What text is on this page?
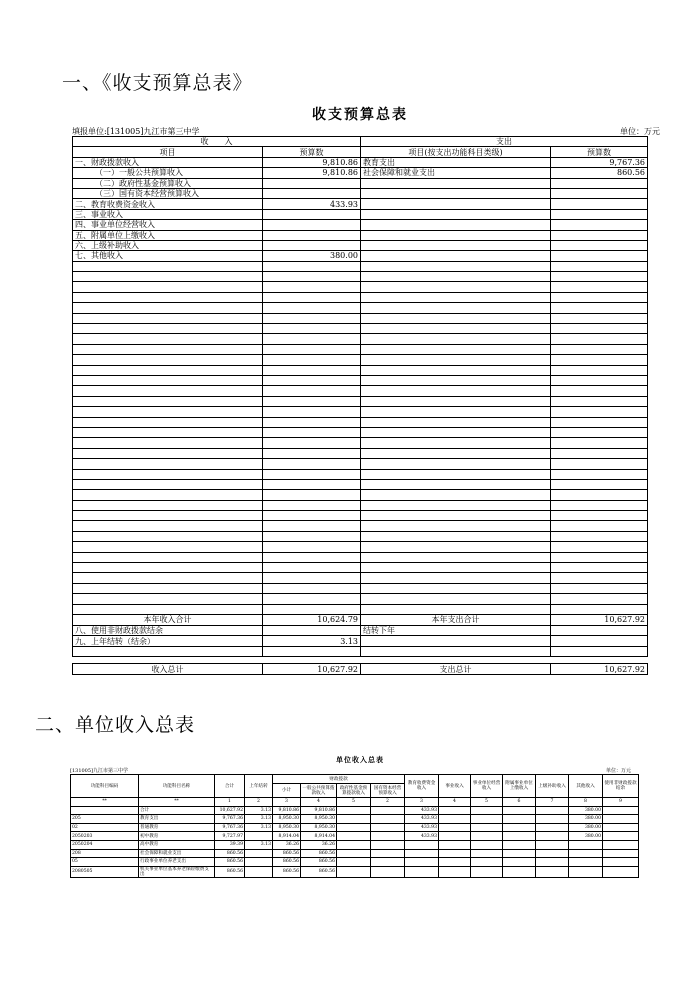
一、《收支预算总表》
收支预算总表
填报单位:[131005]九江市第三中学	单位：万元
收　　入		支出	
项目	预算数	项目(按支出功能科目类级)	预算数
一、财政拨款收入	9,810.86	教育支出	9,767.36
（一）一般公共预算收入	9,810.86	社会保障和就业支出	860.56
（二）政府性基金预算收入			
（三）国有资本经营预算收入			
二、教育收费资金收入	433.93		
三、事业收入			
四、事业单位经营收入			
五、附属单位上缴收入			
六、上级补助收入			
七、其他收入	380.00		

本年收入合计	10,624.79	本年支出合计	10,627.92
八、使用非财政拨款结余		结转下年	
九、上年结转（结余）	3.13		

收入总计	10,627.92	支出总计	10,627.92
二、单位收入总表
单位收入总表
[131005]九江市第三中学	单位：万元
功能科目编码	功能科目名称	合计	上年结转	财政拨款				教育收费资金收入	事业收入	事业单位经营收入	附属事业单位上缴收入	上级补助收入	其他收入	使用非财政拨款结余
				小计	一般公共预算拨款收入	政府性基金预算拨款收入	国有资本经营预算收入							
**	**	1	2	3	4	5	2	3	4	5	6	7	8	9
	合计	10,627.92	3.13	9,810.86	9,810.86			433.93					380.00	
205	教育支出	9,767.36	3.13	8,950.30	8,950.30			433.93					380.00	
02	普通教育	9,767.36	3.13	8,950.30	8,950.30			433.93					380.00	
2050203	初中教育	9,727.97		8,914.04	8,914.04			433.93					380.00	
2050204	高中教育	39.39	3.13	36.26	36.26									
208	社会保障和就业支出	860.56		860.56	860.56									
05	行政事业单位养老支出	860.56		860.56	860.56									
2080505	机关事业单位基本养老保险缴费支出	860.56		860.56	860.56									
